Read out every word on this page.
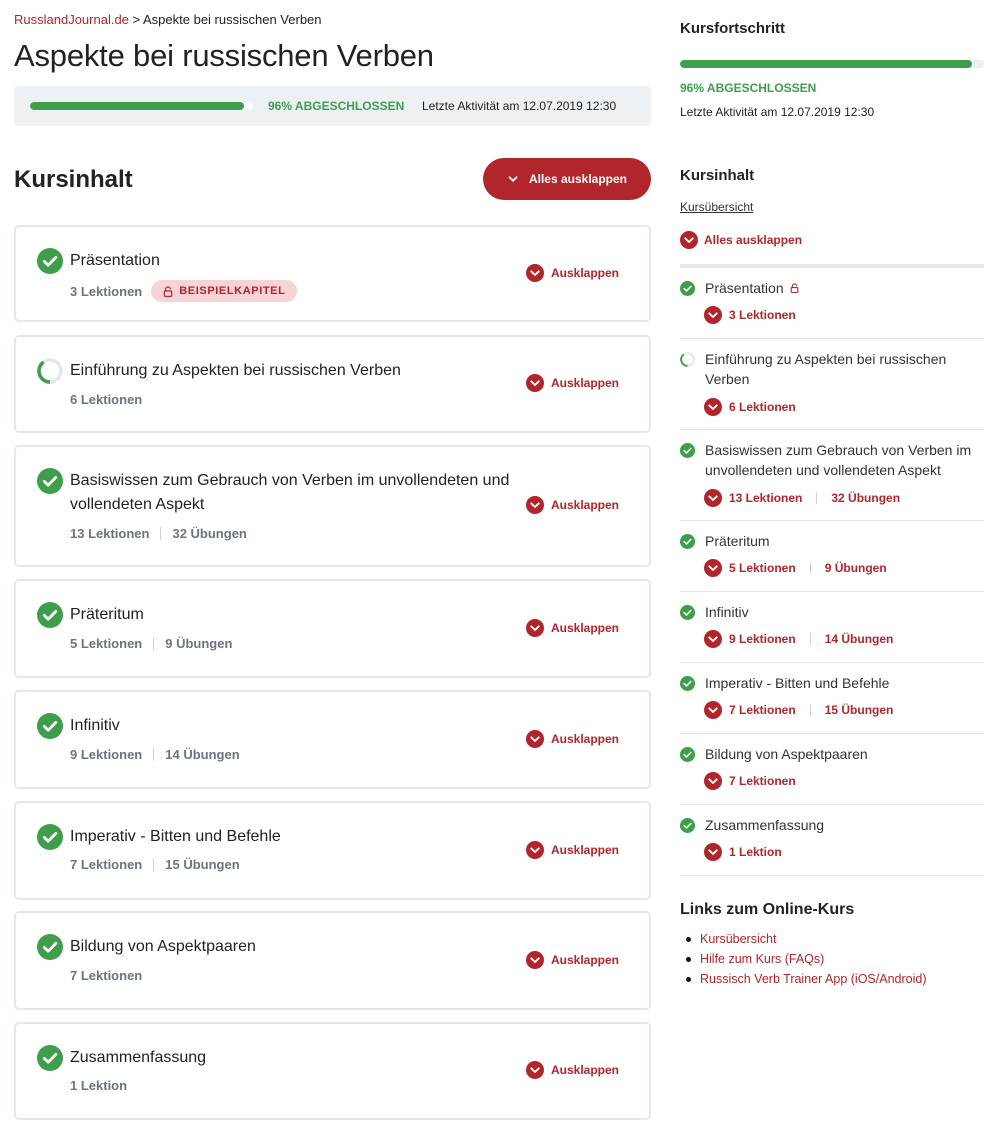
RusslandJournal.de > Aspekte bei russischen Verben
Aspekte bei russischen Verben
96% ABGESCHLOSSEN Letzte Aktivität am 12.07.2019 12:30
Kursinhalt	Alles ausklappen
Präsentation
3 Lektionen	BEISPIELKAPITEL
Ausklappen
Einführung zu Aspekten bei russischen Verben
6 Lektionen
Ausklappen
Basiswissen zum Gebrauch von Verben im unvollendeten und vollendeten Aspekt
13 Lektionen 32 Übungen
Ausklappen
Präteritum
5 Lektionen 9 Übungen
Ausklappen
Infinitiv
9 Lektionen 14 Übungen
Ausklappen
Imperativ - Bitten und Befehle
7 Lektionen 15 Übungen
Ausklappen
Bildung von Aspektpaaren
7 Lektionen
Ausklappen
Zusammenfassung
1 Lektion
Ausklappen
Kursfortschritt
96% ABGESCHLOSSEN
Letzte Aktivität am 12.07.2019 12:30
Kursinhalt
Kursübersicht
Alles ausklappen
Präsentation
3 Lektionen
Einführung zu Aspekten bei russischen Verben
6 Lektionen
Basiswissen zum Gebrauch von Verben im unvollendeten und vollendeten Aspekt
13 Lektionen 32 Übungen
Präteritum
5 Lektionen 9 Übungen
Infinitiv
9 Lektionen 14 Übungen
Imperativ - Bitten und Befehle
7 Lektionen 15 Übungen
Bildung von Aspektpaaren
7 Lektionen
Zusammenfassung
1 Lektion
Links zum Online-Kurs
Kursübersicht
Hilfe zum Kurs (FAQs)
Russisch Verb Trainer App (iOS/Android)
